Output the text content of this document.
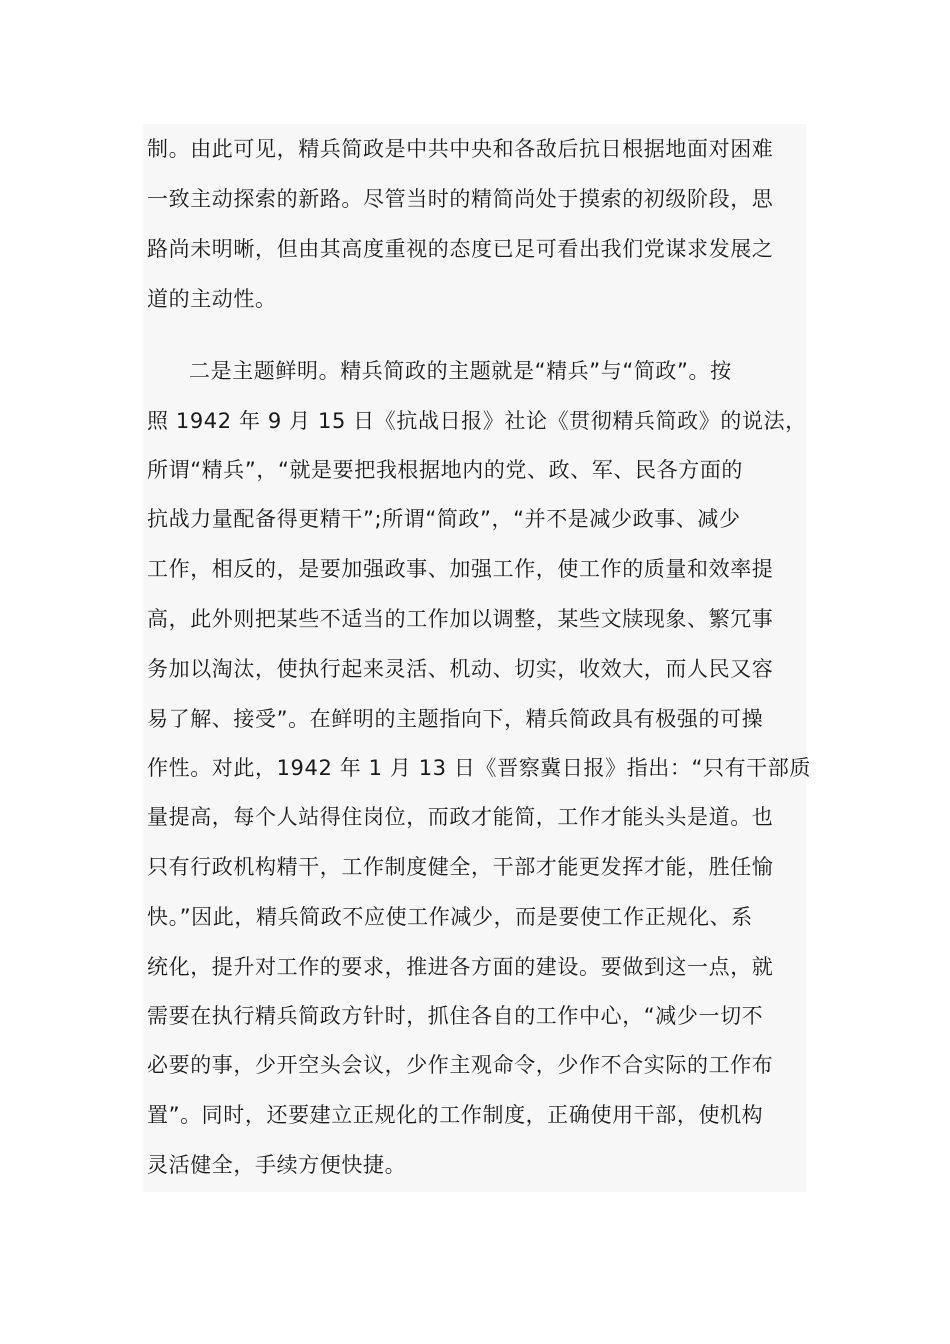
制。由此可见，精兵简政是中共中央和各敌后抗日根据地面对困难
一致主动探索的新路。尽管当时的精简尚处于摸索的初级阶段，思
路尚未明晰，但由其高度重视的态度已足可看出我们党谋求发展之
道的主动性。
二是主题鲜明。精兵简政的主题就是“精兵”与“简政”。按
照 1942 年 9 月 15 日《抗战日报》社论《贯彻精兵简政》的说法，
所谓“精兵”，“就是要把我根据地内的党、政、军、民各方面的
抗战力量配备得更精干”;所谓“简政”，“并不是减少政事、减少
工作，相反的，是要加强政事、加强工作，使工作的质量和效率提
高，此外则把某些不适当的工作加以调整，某些文牍现象、繁冗事
务加以淘汰，使执行起来灵活、机动、切实，收效大，而人民又容
易了解、接受”。在鲜明的主题指向下，精兵简政具有极强的可操
作性。对此，1942 年 1 月 13 日《晋察冀日报》指出：“只有干部质
量提高，每个人站得住岗位，而政才能简，工作才能头头是道。也
只有行政机构精干，工作制度健全，干部才能更发挥才能，胜任愉
快。”因此，精兵简政不应使工作减少，而是要使工作正规化、系
统化，提升对工作的要求，推进各方面的建设。要做到这一点，就
需要在执行精兵简政方针时，抓住各自的工作中心，“减少一切不
必要的事，少开空头会议，少作主观命令，少作不合实际的工作布
置”。同时，还要建立正规化的工作制度，正确使用干部，使机构
灵活健全，手续方便快捷。
